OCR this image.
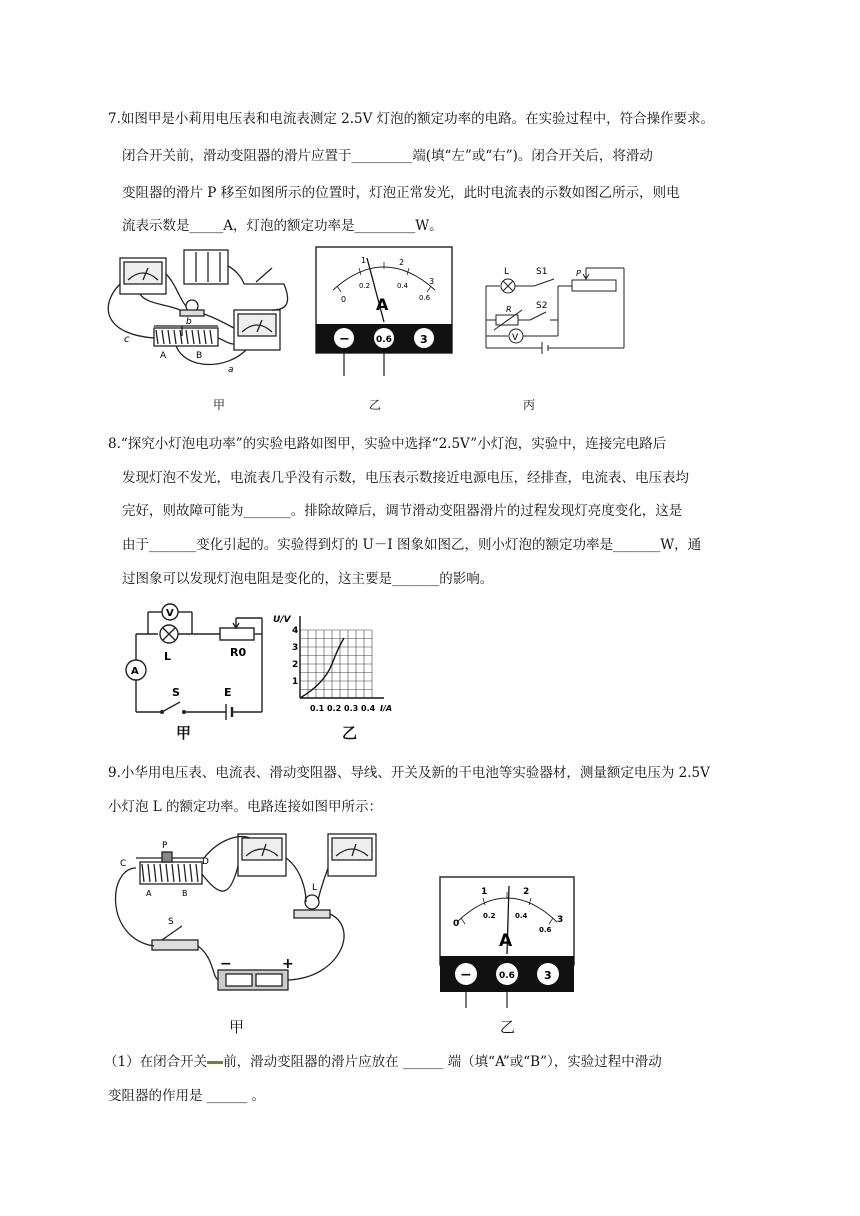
7.如图甲是小莉用电压表和电流表测定 2.5V 灯泡的额定功率的电路。在实验过程中，符合操作要求。

闭合开关前，滑动变阻器的滑片应置于_________端(填“左”或“右”)。闭合开关后，将滑动

变阻器的滑片 P 移至如图所示的位置时，灯泡正常发光，此时电流表的示数如图乙所示，则电

流表示数是_____A，灯泡的额定功率是_________W。

c
b
A	B
a
0
1	2
3
0.2	0.4
0.6
A
−	0.6	3
L	S1
S2
P
R
V
甲	乙	丙

8.“探究小灯泡电功率”的实验电路如图甲，实验中选择“2.5V”小灯泡，实验中，连接完电路后

发现灯泡不发光，电流表几乎没有示数，电压表示数接近电源电压，经排查，电流表、电压表均

完好，则故障可能为_______。排除故障后，调节滑动变阻器滑片的过程发现灯亮度变化，这是

由于_______变化引起的。实验得到灯的 U－I 图象如图乙，则小灯泡的额定功率是_______W，通

过图象可以发现灯泡电阻是变化的，这主要是_______的影响。

V
A
L	R0
S	E
U/V
1
2
3
4
0.1 0.2 0.3 0.4 I/A
甲	乙

9.小华用电压表、电流表、滑动变阻器、导线、开关及新的干电池等实验器材，测量额定电压为 2.5V

小灯泡 L 的额定功率。电路连接如图甲所示：

C
P
D
A	B
S
L
−	+
0
1	2
3
0.2	0.4
0.6
A
−	0.6	3
甲	乙

（1）在闭合开关 前，滑动变阻器的滑片应放在 ______ 端（填“A”或“B”），实验过程中滑动

变阻器的作用是 ______ 。
